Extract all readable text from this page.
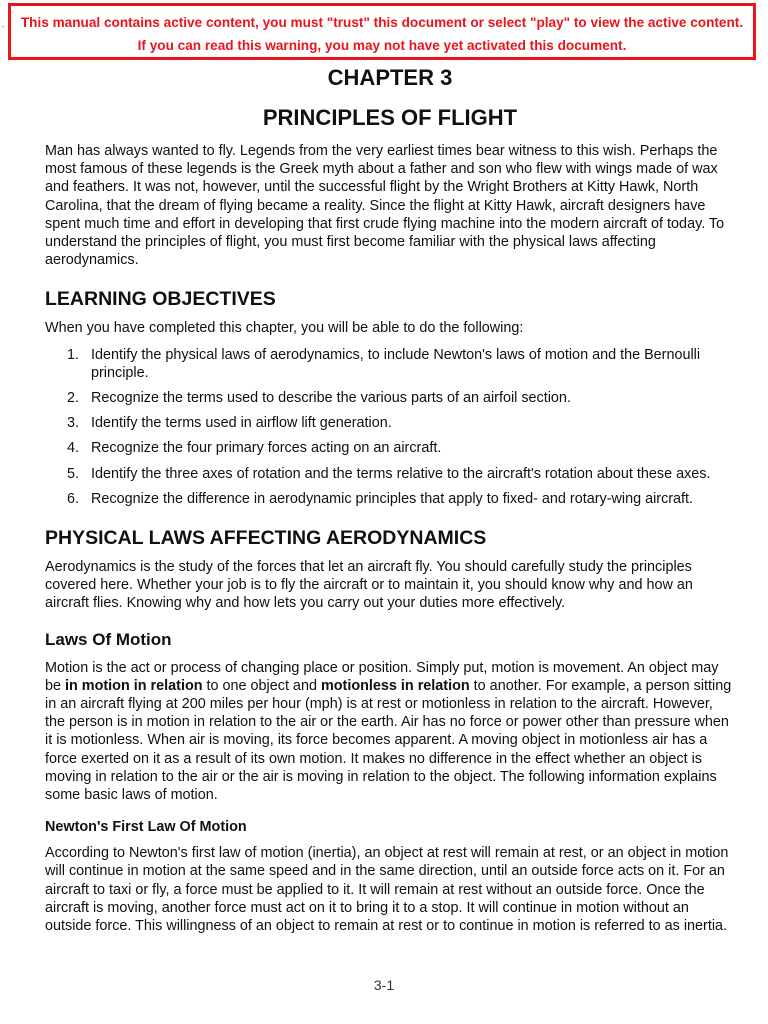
This manual contains active content, you must "trust" this document or select "play" to view the active content.
If you can read this warning, you may not have yet activated this document.
-
CHAPTER 3
PRINCIPLES OF FLIGHT

Man has always wanted to fly. Legends from the very earliest times bear witness to this wish. Perhaps the most famous of these legends is the Greek myth about a father and son who flew with wings made of wax and feathers. It was not, however, until the successful flight by the Wright Brothers at Kitty Hawk, North Carolina, that the dream of flying became a reality. Since the flight at Kitty Hawk, aircraft designers have spent much time and effort in developing that first crude flying machine into the modern aircraft of today. To understand the principles of flight, you must first become familiar with the physical laws affecting aerodynamics.

LEARNING OBJECTIVES

When you have completed this chapter, you will be able to do the following:

1. Identify the physical laws of aerodynamics, to include Newton's laws of motion and the Bernoulli principle.
2. Recognize the terms used to describe the various parts of an airfoil section.
3. Identify the terms used in airflow lift generation.
4. Recognize the four primary forces acting on an aircraft.
5. Identify the three axes of rotation and the terms relative to the aircraft's rotation about these axes.
6. Recognize the difference in aerodynamic principles that apply to fixed- and rotary-wing aircraft.
PHYSICAL LAWS AFFECTING AERODYNAMICS

Aerodynamics is the study of the forces that let an aircraft fly. You should carefully study the principles covered here. Whether your job is to fly the aircraft or to maintain it, you should know why and how an aircraft flies. Knowing why and how lets you carry out your duties more effectively.

Laws Of Motion

Motion is the act or process of changing place or position. Simply put, motion is movement. An object may be in motion in relation to one object and motionless in relation to another. For example, a person sitting in an aircraft flying at 200 miles per hour (mph) is at rest or motionless in relation to the aircraft. However, the person is in motion in relation to the air or the earth. Air has no force or power other than pressure when it is motionless. When air is moving, its force becomes apparent. A moving object in motionless air has a force exerted on it as a result of its own motion. It makes no difference in the effect whether an object is moving in relation to the air or the air is moving in relation to the object. The following information explains some basic laws of motion.

Newton's First Law Of Motion

According to Newton's first law of motion (inertia), an object at rest will remain at rest, or an object in motion will continue in motion at the same speed and in the same direction, until an outside force acts on it. For an aircraft to taxi or fly, a force must be applied to it. It will remain at rest without an outside force. Once the aircraft is moving, another force must act on it to bring it to a stop. It will continue in motion without an outside force. This willingness of an object to remain at rest or to continue in motion is referred to as inertia.

3-1
